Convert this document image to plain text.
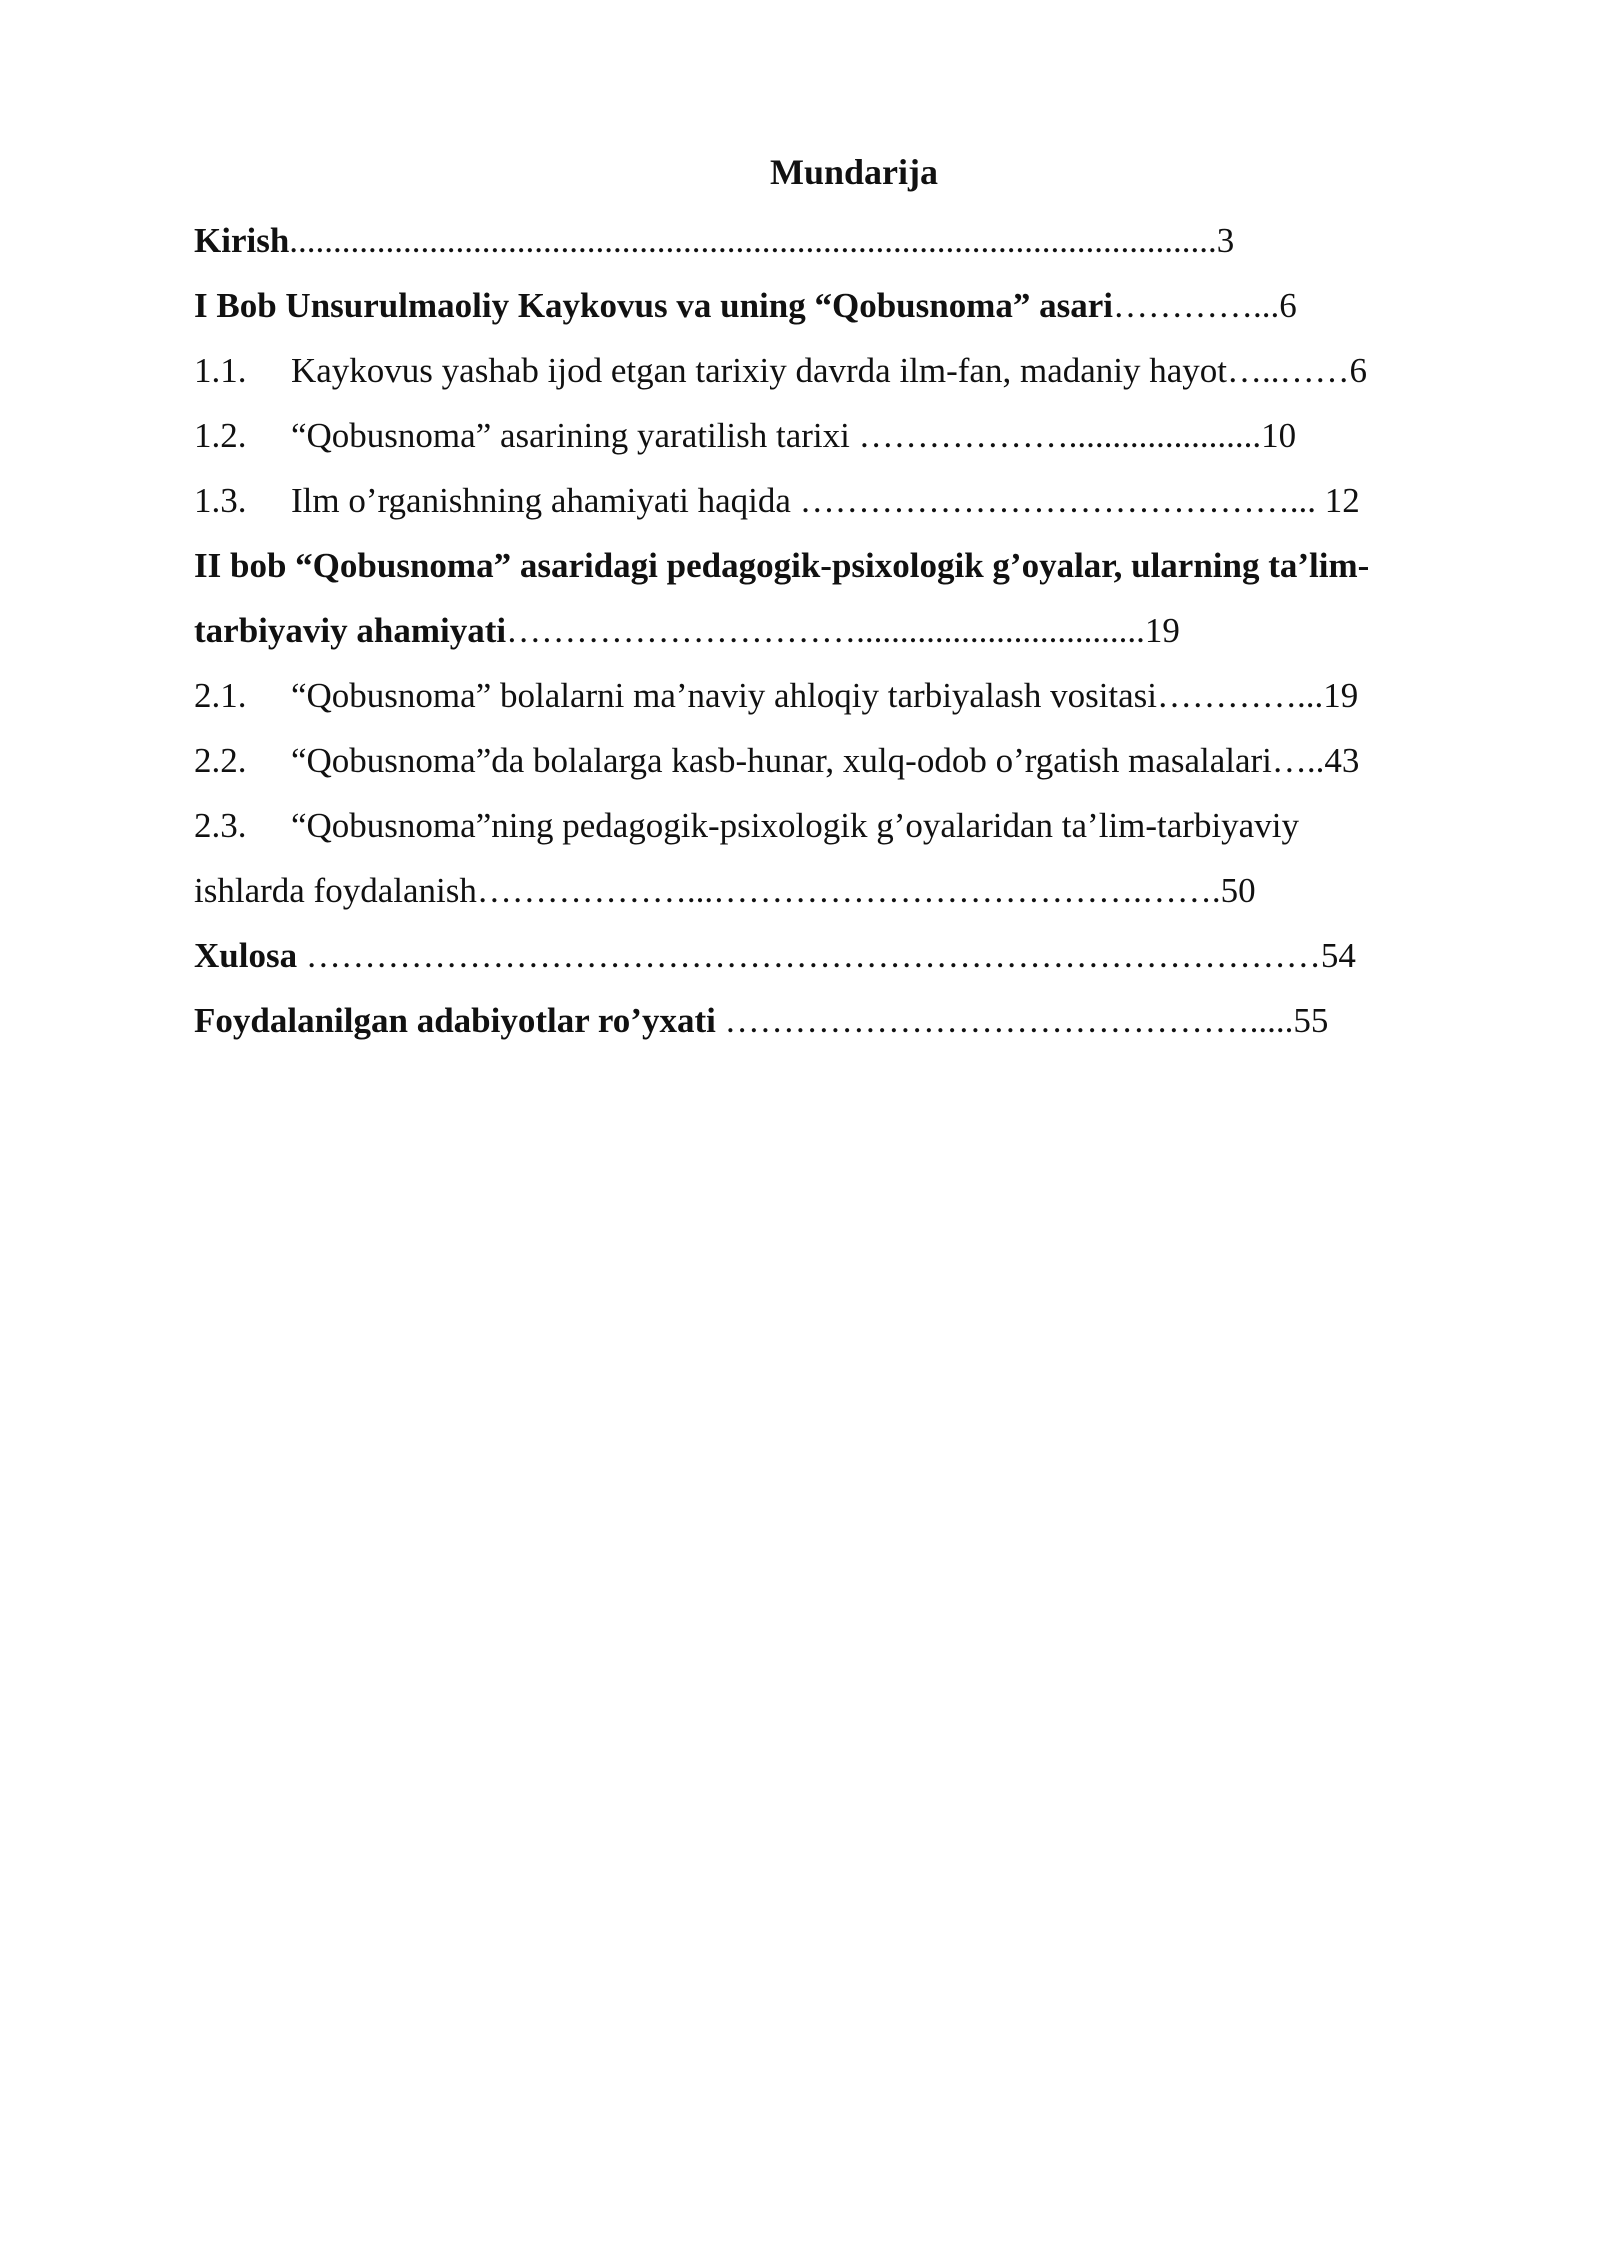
Mundarija
Kirish..........................................................................................................3
I Bob Unsurulmaoliy Kaykovus va uning “Qobusnoma” asari…………...6
1.1. Kaykovus yashab ijod etgan tarixiy davrda ilm-fan, madaniy hayot…..……6
1.2. “Qobusnoma” asarining yaratilish tarixi ………………......................10
1.3. Ilm o’rganishning ahamiyati haqida ……………………………………... 12
II bob “Qobusnoma” asaridagi pedagogik-psixologik g’oyalar, ularning ta’lim-
tarbiyaviy ahamiyati………………………….................................19
2.1. “Qobusnoma” bolalarni ma’naviy ahloqiy tarbiyalash vositasi…………...19
2.2. “Qobusnoma”da bolalarga kasb-hunar, xulq-odob o’rgatish masalalari…..43
2.3. “Qobusnoma”ning pedagogik-psixologik g’oyalaridan ta’lim-tarbiyaviy
ishlarda foydalanish………………...……………………………….…….50
Xulosa ……………………………………………………………………………54
Foydalanilgan adabiyotlar ro’yxati ……………………………………….....55
